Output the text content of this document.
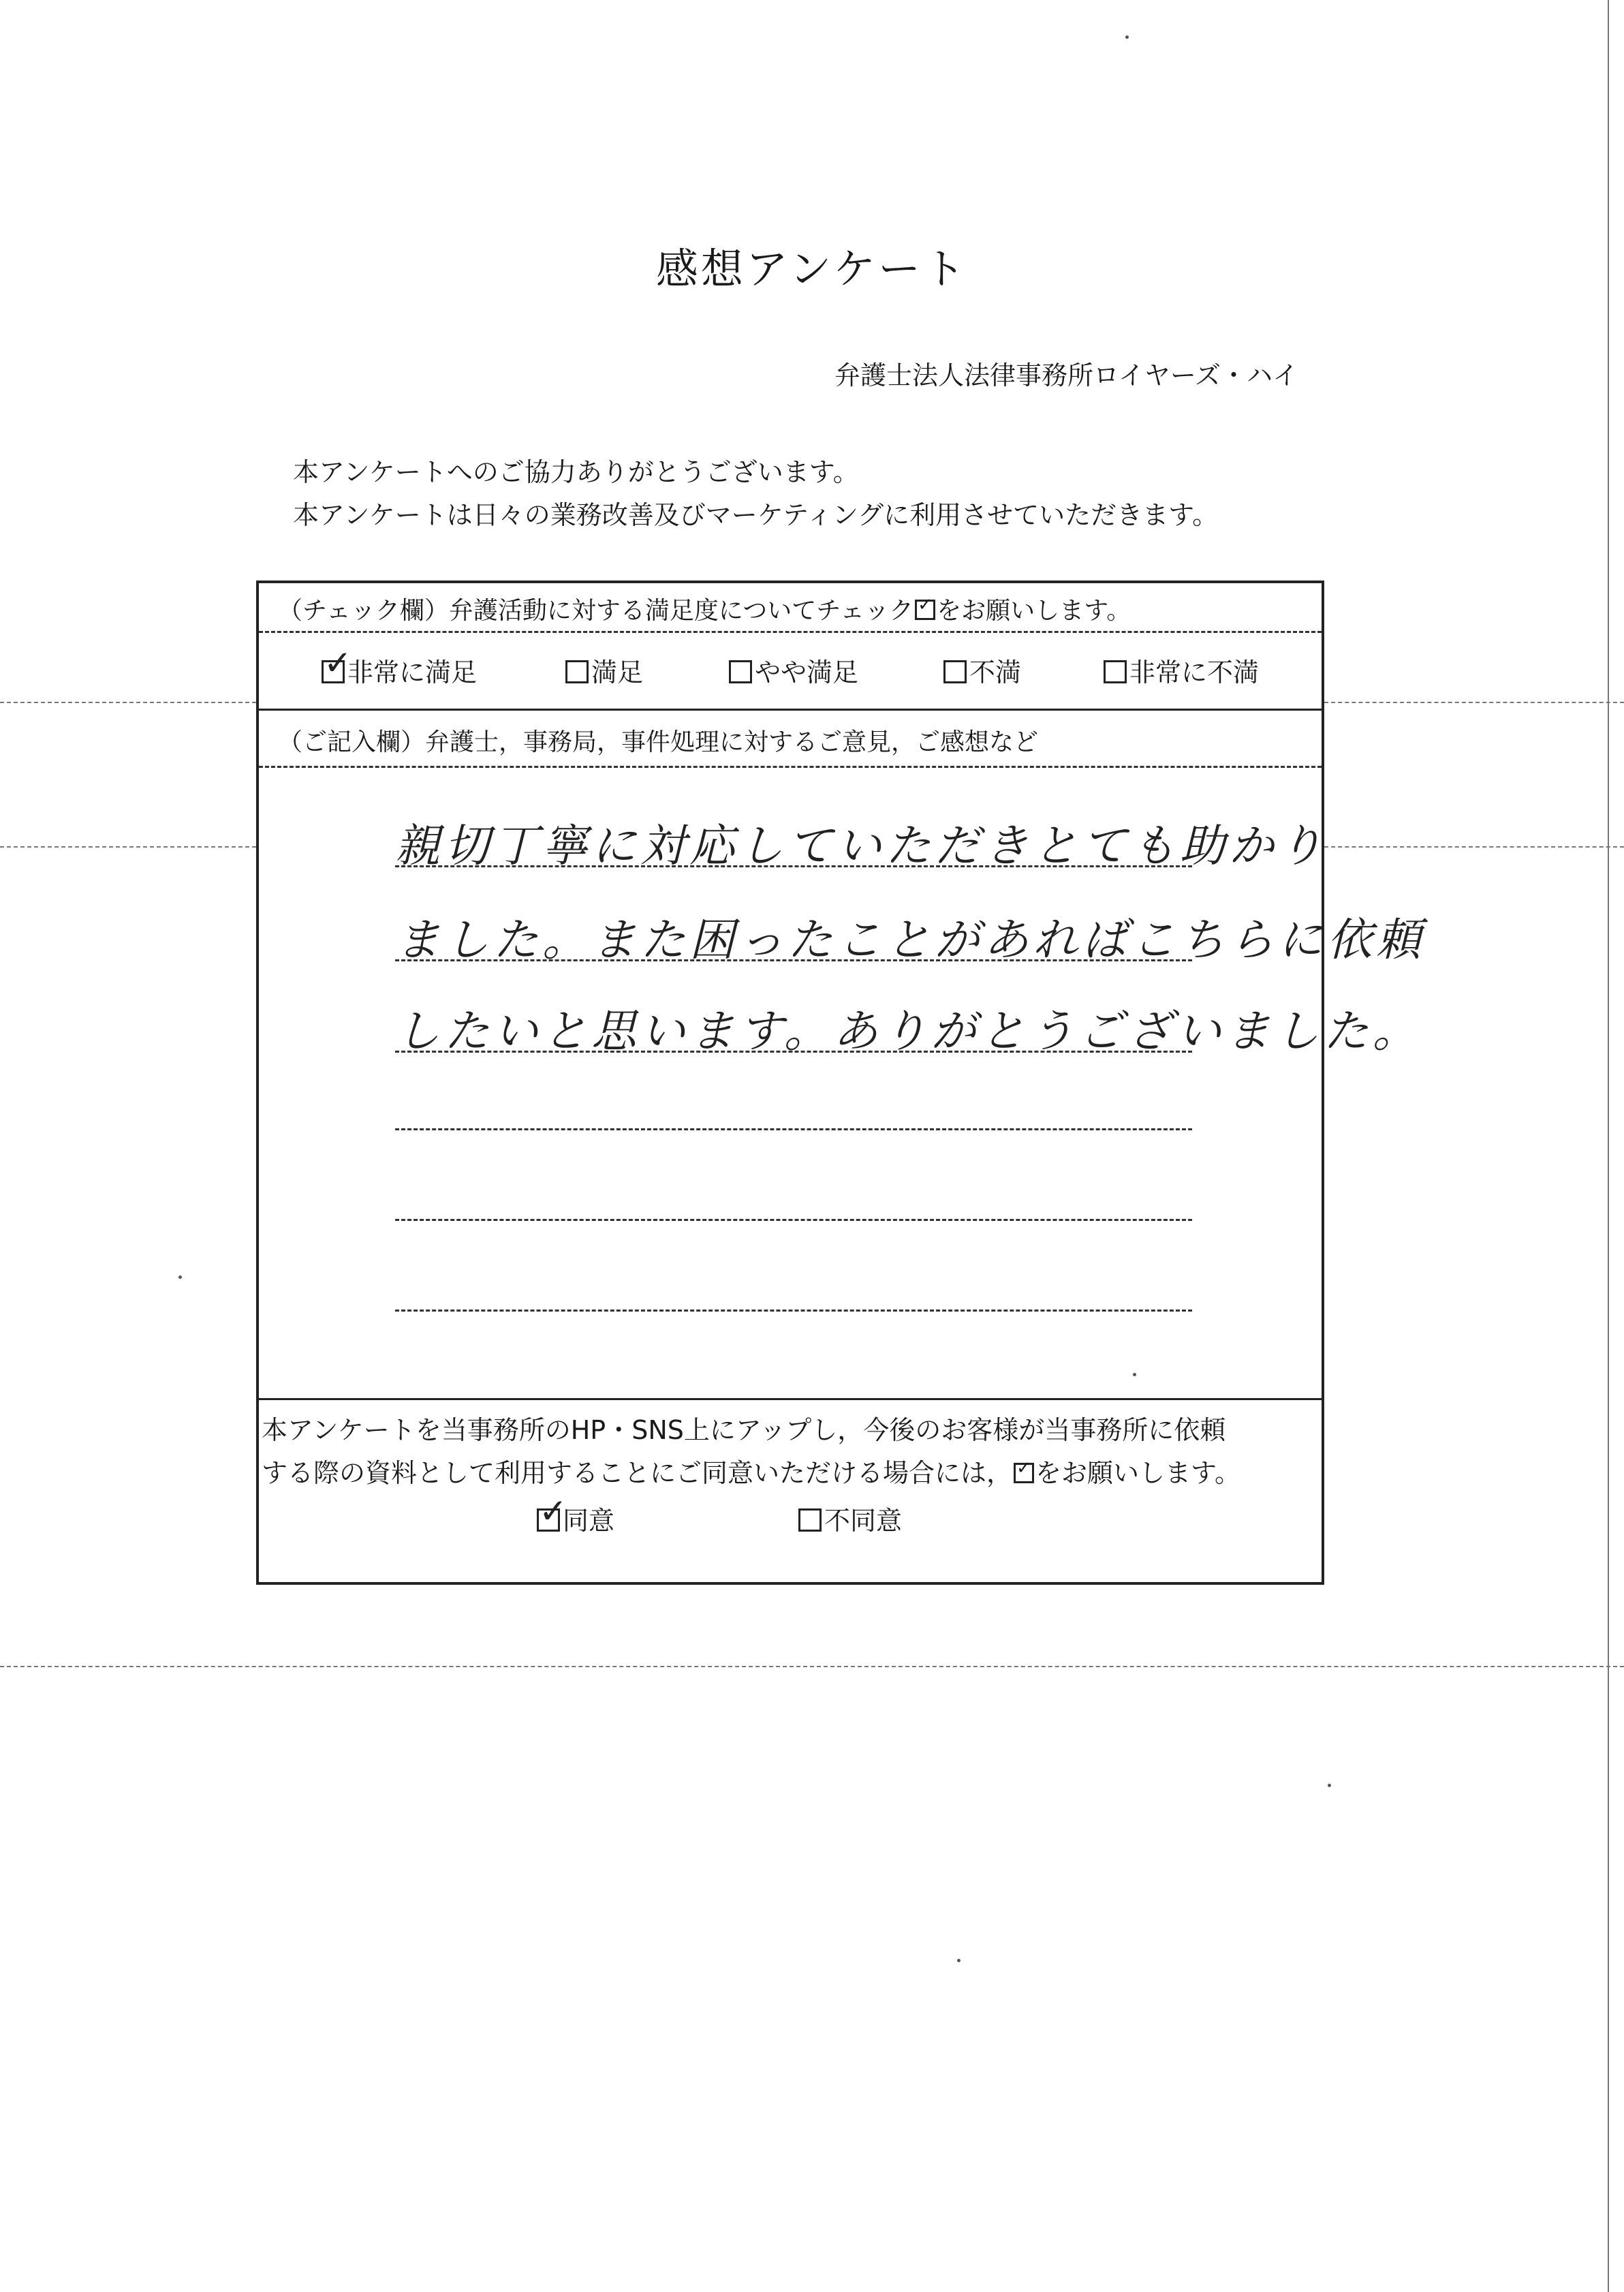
感想アンケート
弁護士法人法律事務所ロイヤーズ・ハイ
本アンケートへのご協力ありがとうございます。
本アンケートは日々の業務改善及びマーケティングに利用させていただきます。
（チェック欄）弁護活動に対する満足度についてチェック ✓ をお願いします。
✓
非常に満足	満足	やや満足	不満	非常に不満
（ご記入欄）弁護士，事務局，事件処理に対するご意見，ご感想など
親切丁寧に対応していただきとても助かり
ました。また困ったことがあればこちらに依頼
したいと思います。ありがとうございました。
本アンケートを当事務所のHP・SNS上にアップし，今後のお客様が当事務所に依頼
する際の資料として利用することにご同意いただける場合には， ✓ をお願いします。
✓
同意	不同意
